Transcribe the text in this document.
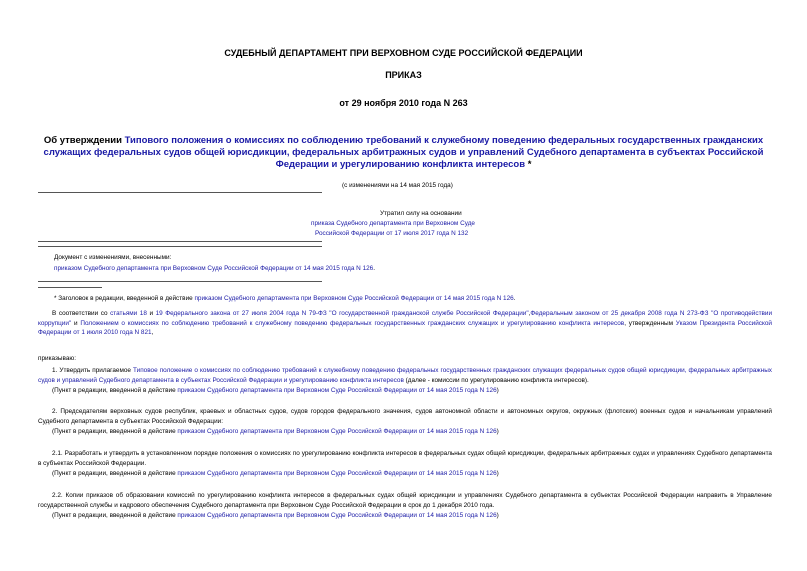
СУДЕБНЫЙ ДЕПАРТАМЕНТ ПРИ ВЕРХОВНОМ СУДЕ РОССИЙСКОЙ ФЕДЕРАЦИИ
ПРИКАЗ
от 29 ноября 2010 года N 263
Об утверждении Типового положения о комиссиях по соблюдению требований к служебному поведению федеральных государственных гражданских служащих федеральных судов общей юрисдикции, федеральных арбитражных судов и управлений Судебного департамента в субъектах Российской Федерации и урегулированию конфликта интересов *
(с изменениями на 14 мая 2015 года)
Утратил силу на основании
приказа Судебного департамента при Верховном Суде
Российской Федерации от 17 июля 2017 года N 132
Документ с изменениями, внесенными:
приказом Судебного департамента при Верховном Суде Российской Федерации от 14 мая 2015 года N 126.
* Заголовок в редакции, введенной в действие приказом Судебного департамента при Верховном Суде Российской Федерации от 14 мая 2015 года N 126.
В соответствии со статьями 18 и 19 Федерального закона от 27 июля 2004 года N 79-ФЗ "О государственной гражданской службе Российской Федерации",Федеральным законом от 25 декабря 2008 года N 273-ФЗ "О противодействии коррупции" и Положением о комиссиях по соблюдению требований к служебному поведению федеральных государственных гражданских служащих и урегулированию конфликта интересов, утвержденным Указом Президента Российской Федерации от 1 июля 2010 года N 821,
приказываю:
1. Утвердить прилагаемое Типовое положение о комиссиях по соблюдению требований к служебному поведению федеральных государственных гражданских служащих федеральных судов общей юрисдикции, федеральных арбитражных судов и управлений Судебного департамента в субъектах Российской Федерации и урегулированию конфликта интересов (далее - комиссии по урегулированию конфликта интересов).
(Пункт в редакции, введенной в действие приказом Судебного департамента при Верховном Суде Российской Федерации от 14 мая 2015 года N 126)
2. Председателям верховных судов республик, краевых и областных судов, судов городов федерального значения, судов автономной области и автономных округов, окружных (флотских) военных судов и начальникам управлений Судебного департамента в субъектах Российской Федерации:
(Пункт в редакции, введенной в действие приказом Судебного департамента при Верховном Суде Российской Федерации от 14 мая 2015 года N 126)
2.1. Разработать и утвердить в установленном порядке положения о комиссиях по урегулированию конфликта интересов в федеральных судах общей юрисдикции, федеральных арбитражных судах и управлениях Судебного департамента в субъектах Российской Федерации.
(Пункт в редакции, введенной в действие приказом Судебного департамента при Верховном Суде Российской Федерации от 14 мая 2015 года N 126)
2.2. Копии приказов об образовании комиссий по урегулированию конфликта интересов в федеральных судах общей юрисдикции и управлениях Судебного департамента в субъектах Российской Федерации направить в Управление государственной службы и кадрового обеспечения Судебного департамента при Верховном Суде Российской Федерации в срок до 1 декабря 2010 года.
(Пункт в редакции, введенной в действие приказом Судебного департамента при Верховном Суде Российской Федерации от 14 мая 2015 года N 126)
